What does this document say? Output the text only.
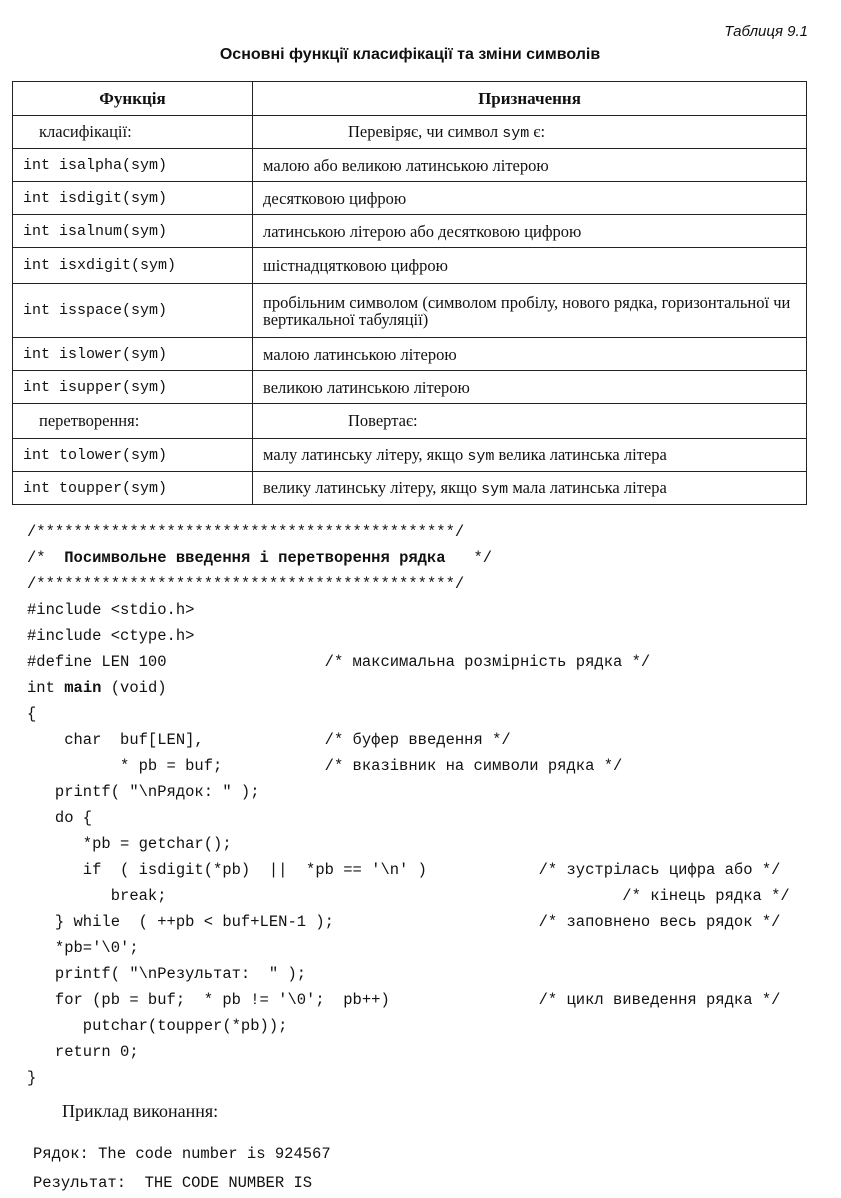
Таблиця 9.1
Основні функції класифікації та зміни символів
Функція	Призначення
класифікації:	Перевіряє, чи символ sym є:
int isalpha(sym)	малою або великою латинською літерою
int isdigit(sym)	десятковою цифрою
int isalnum(sym)	латинською літерою або десятковою цифрою
int isxdigit(sym)	шістнадцятковою цифрою
int isspace(sym)	пробільним символом (символом пробілу, нового рядка, горизонтальної чи вертикальної табуляції)
int islower(sym)	малою латинською літерою
int isupper(sym)	великою латинською літерою
перетворення:	Повертає:
int tolower(sym)	малу латинську літеру, якщо sym велика латинська літера
int toupper(sym)	велику латинську літеру, якщо sym мала латинська літера
/*********************************************/
/*  Посимвольне введення і перетворення рядка   */
/*********************************************/
#include <stdio.h>
#include <ctype.h>
#define LEN 100                 /* максимальна розмірність рядка */
int main (void)
{
char  buf[LEN],             /* буфер введення */
* pb = buf;           /* вказівник на символи рядка */
printf( "\nРядок: " );
do {
*pb = getchar();
if  ( isdigit(*pb)  ||  *pb == '\n' )            /* зустрілась цифра або */
break;                                                 /* кінець рядка */
} while  ( ++pb < buf+LEN-1 );                      /* заповнено весь рядок */
*pb='\0';
printf( "\nРезультат:  " );
for (pb = buf;  * pb != '\0';  pb++)                /* цикл виведення рядка */
putchar(toupper(*pb));
return 0;
}
Приклад виконання:
Рядок: The code number is 924567
Результат:  THE CODE NUMBER IS
